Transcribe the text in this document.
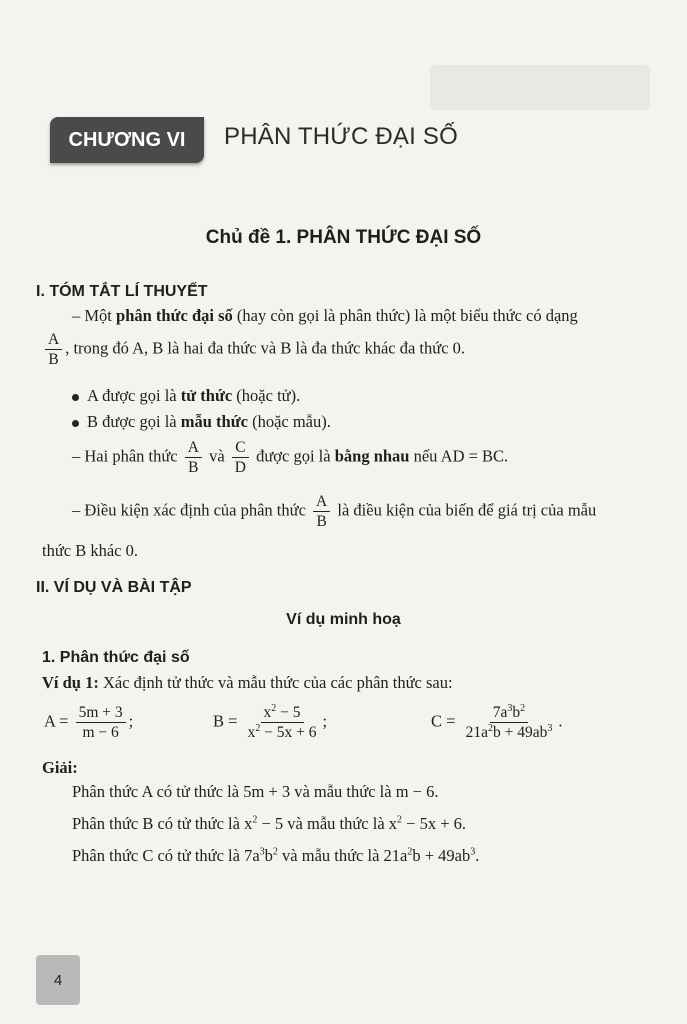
CHƯƠNG VI	PHÂN THỨC ĐẠI SỐ
Chủ đề 1. PHÂN THỨC ĐẠI SỐ
I. TÓM TẮT LÍ THUYẾT
– Một phân thức đại số (hay còn gọi là phân thức) là một biểu thức có dạng
$\frac{A}{B}$ , trong đó A, B là hai đa thức và B là đa thức khác đa thức 0.
A được gọi là tử thức (hoặc tử).
B được gọi là mẫu thức (hoặc mẫu).
– Hai phân thức $\frac{A}{B}$ và $\frac{C}{D}$ được gọi là bằng nhau nếu AD = BC.
– Điều kiện xác định của phân thức $\frac{A}{B}$ là điều kiện của biến để giá trị của mẫu
thức B khác 0.
II. VÍ DỤ VÀ BÀI TẬP
Ví dụ minh hoạ
1. Phân thức đại số
Ví dụ 1: Xác định tử thức và mẫu thức của các phân thức sau:
$A = \frac{5m + 3}{m - 6}$ ;	$B = \frac{x^2 - 5}{x^2 - 5x + 6}$ ;	$C = \frac{7a^3b^2}{21a^2b + 49ab^3}$ .
Giải:
Phân thức A có tử thức là 5m + 3 và mẫu thức là m − 6.
Phân thức B có tử thức là $x^2 - 5$ và mẫu thức là $x^2 - 5x + 6$.
Phân thức C có tử thức là $7a^3b^2$ và mẫu thức là $21a^2b + 49ab^3$.
4
